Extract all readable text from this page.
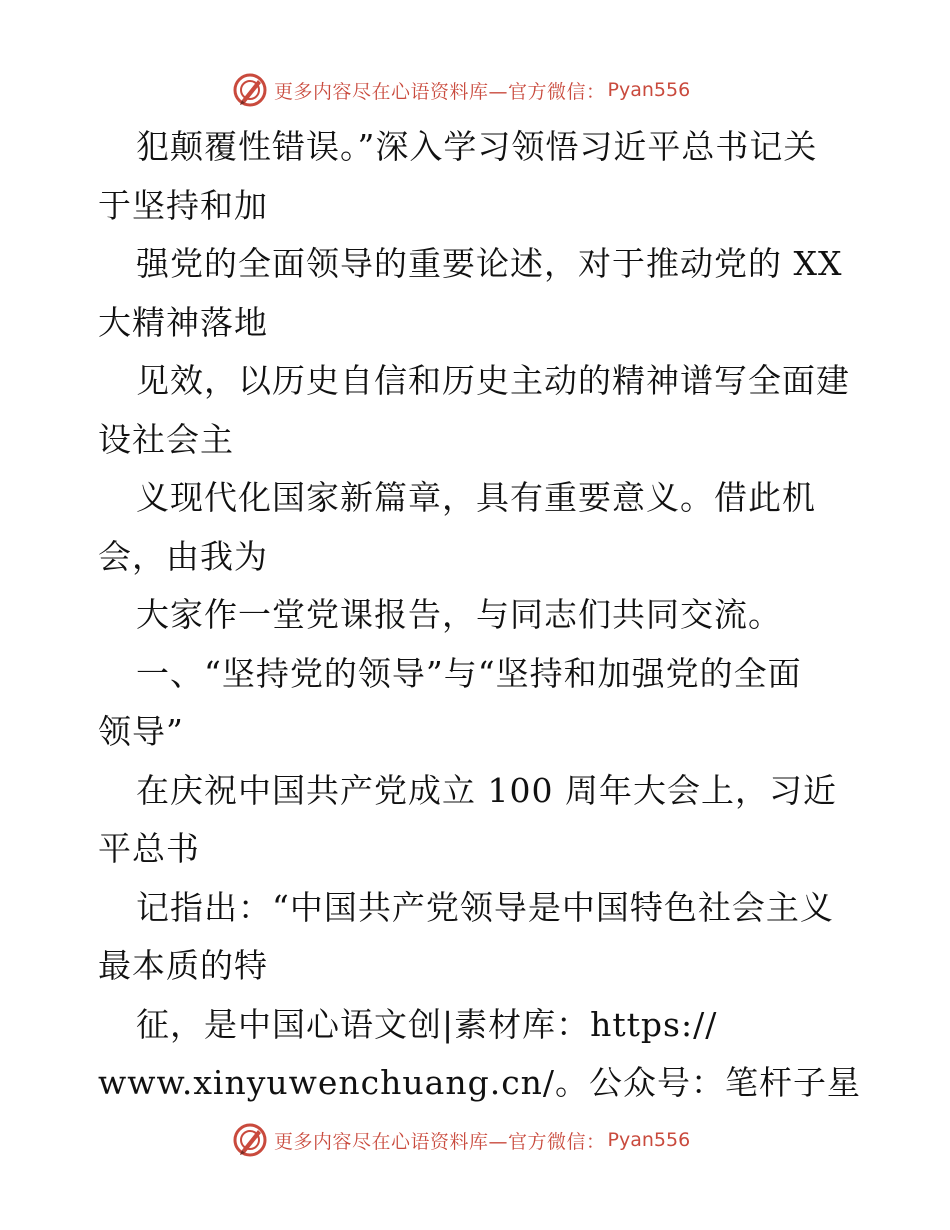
更多内容尽在心语资料库—官方微信： Pyan556
犯颠覆性错误。”深入学习领悟习近平总书记关
于坚持和加
强党的全面领导的重要论述，对于推动党的 XX
大精神落地
见效，以历史自信和历史主动的精神谱写全面建
设社会主
义现代化国家新篇章，具有重要意义。借此机
会，由我为
大家作一堂党课报告，与同志们共同交流。
一、“坚持党的领导”与“坚持和加强党的全面
领导”
在庆祝中国共产党成立 100 周年大会上，习近
平总书
记指出：“中国共产党领导是中国特色社会主义
最本质的特
征，是中国心语文创|素材库：https://
www.xinyuwenchuang.cn/。公众号：笔杆子星
更多内容尽在心语资料库—官方微信： Pyan556
